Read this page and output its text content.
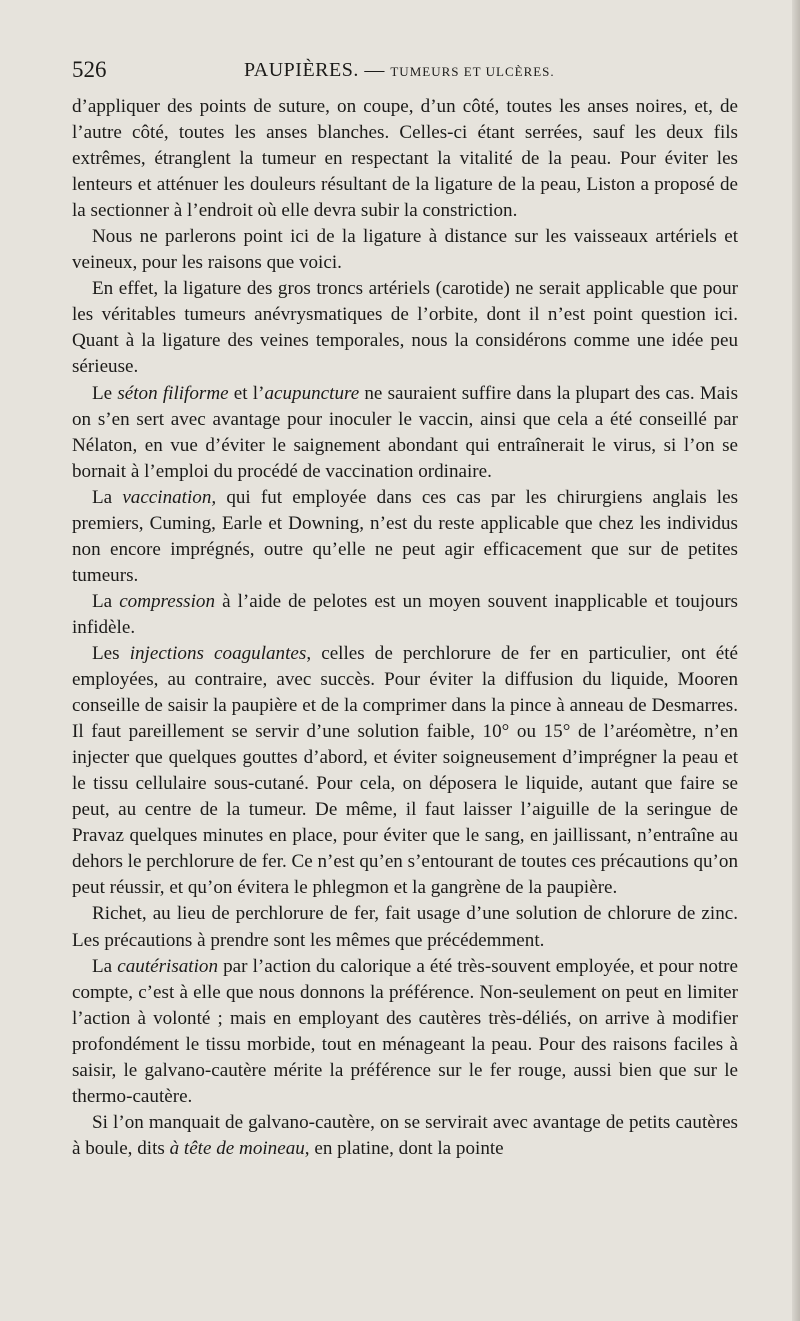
526	PAUPIÈRES. — TUMEURS ET ULCÈRES.

d’appliquer des points de suture, on coupe, d’un côté, toutes les anses noires, et, de l’autre côté, toutes les anses blanches. Celles-ci étant serrées, sauf les deux fils extrêmes, étranglent la tumeur en respectant la vitalité de la peau. Pour éviter les lenteurs et atténuer les douleurs résultant de la ligature de la peau, Liston a proposé de la sectionner à l’endroit où elle devra subir la constriction.

Nous ne parlerons point ici de la ligature à distance sur les vaisseaux artériels et veineux, pour les raisons que voici.

En effet, la ligature des gros troncs artériels (carotide) ne serait applicable que pour les véritables tumeurs anévrysmatiques de l’orbite, dont il n’est point question ici. Quant à la ligature des veines temporales, nous la considérons comme une idée peu sérieuse.

Le séton filiforme et l’acupuncture ne sauraient suffire dans la plupart des cas. Mais on s’en sert avec avantage pour inoculer le vaccin, ainsi que cela a été conseillé par Nélaton, en vue d’éviter le saignement abondant qui entraînerait le virus, si l’on se bornait à l’emploi du procédé de vaccination ordinaire.

La vaccination, qui fut employée dans ces cas par les chirurgiens anglais les premiers, Cuming, Earle et Downing, n’est du reste applicable que chez les individus non encore imprégnés, outre qu’elle ne peut agir efficacement que sur de petites tumeurs.

La compression à l’aide de pelotes est un moyen souvent inapplicable et toujours infidèle.

Les injections coagulantes, celles de perchlorure de fer en particulier, ont été employées, au contraire, avec succès. Pour éviter la diffusion du liquide, Mooren conseille de saisir la paupière et de la comprimer dans la pince à anneau de Desmarres. Il faut pareillement se servir d’une solution faible, 10° ou 15° de l’aréomètre, n’en injecter que quelques gouttes d’abord, et éviter soigneusement d’imprégner la peau et le tissu cellulaire sous-cutané. Pour cela, on déposera le liquide, autant que faire se peut, au centre de la tumeur. De même, il faut laisser l’aiguille de la seringue de Pravaz quelques minutes en place, pour éviter que le sang, en jaillissant, n’entraîne au dehors le perchlorure de fer. Ce n’est qu’en s’entourant de toutes ces précautions qu’on peut réussir, et qu’on évitera le phlegmon et la gangrène de la paupière.

Richet, au lieu de perchlorure de fer, fait usage d’une solution de chlorure de zinc. Les précautions à prendre sont les mêmes que précédemment.

La cautérisation par l’action du calorique a été très-souvent employée, et pour notre compte, c’est à elle que nous donnons la préférence. Non-seulement on peut en limiter l’action à volonté ; mais en employant des cautères très-déliés, on arrive à modifier profondément le tissu morbide, tout en ménageant la peau. Pour des raisons faciles à saisir, le galvano-cautère mérite la préférence sur le fer rouge, aussi bien que sur le thermo-cautère.

Si l’on manquait de galvano-cautère, on se servirait avec avantage de petits cautères à boule, dits à tête de moineau, en platine, dont la pointe
